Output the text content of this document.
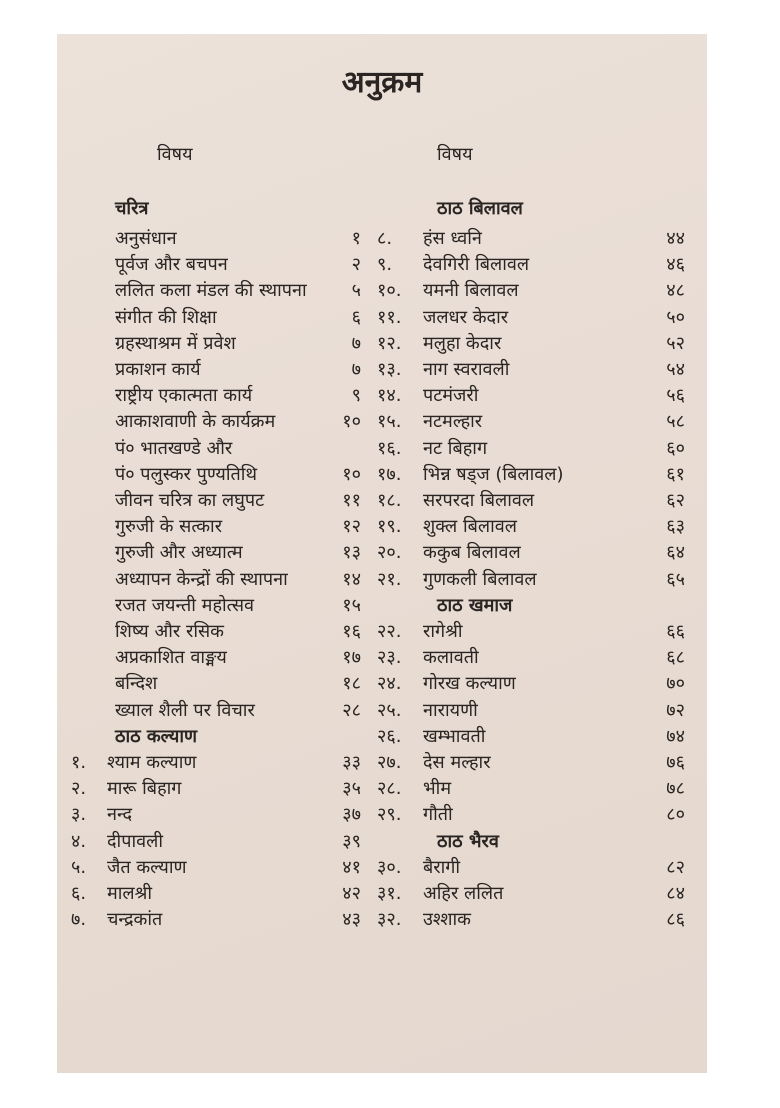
अनुक्रम
विषय	विषय
चरित्र
अनुसंधान	१
पूर्वज और बचपन	२
ललित कला मंडल की स्थापना ५
संगीत की शिक्षा	६
ग्रहस्थाश्रम में प्रवेश	७
प्रकाशन कार्य	७
राष्ट्रीय एकात्मता कार्य	९
आकाशवाणी के कार्यक्रम	१०
पं० भातखण्डे और
पं० पलुस्कर पुण्यतिथि	१०
जीवन चरित्र का लघुपट	११
गुरुजी के सत्कार	१२
गुरुजी और अध्यात्म	१३
अध्यापन केन्द्रों की स्थापना	१४
रजत जयन्ती महोत्सव	१५
शिष्य और रसिक	१६
अप्रकाशित वाङ्मय	१७
बन्दिश	१८
ख्याल शैली पर विचार	२८
ठाठ कल्याण
१. श्याम कल्याण	३३
२. मारू बिहाग	३५
३. नन्द	३७
४. दीपावली	३९
५. जैत कल्याण	४१
६. मालश्री	४२
७. चन्द्रकांत	४३
ठाठ बिलावल
८. हंस ध्वनि	४४
९. देवगिरी बिलावल	४६
१०. यमनी बिलावल	४८
११. जलधर केदार	५०
१२. मलुहा केदार	५२
१३. नाग स्वरावली	५४
१४. पटमंजरी	५६
१५. नटमल्हार	५८
१६. नट बिहाग	६०
१७. भिन्न षड्ज (बिलावल)	६१
१८. सरपरदा बिलावल	६२
१९. शुक्ल बिलावल	६३
२०. ककुब बिलावल	६४
२१. गुणकली बिलावल	६५
ठाठ खमाज
२२. रागेश्री	६६
२३. कलावती	६८
२४. गोरख कल्याण	७०
२५. नारायणी	७२
२६. खम्भावती	७४
२७. देस मल्हार	७६
२८. भीम	७८
२९. गौती	८०
ठाठ भैरव
३०. बैरागी	८२
३१. अहिर ललित	८४
३२. उश्शाक	८६
